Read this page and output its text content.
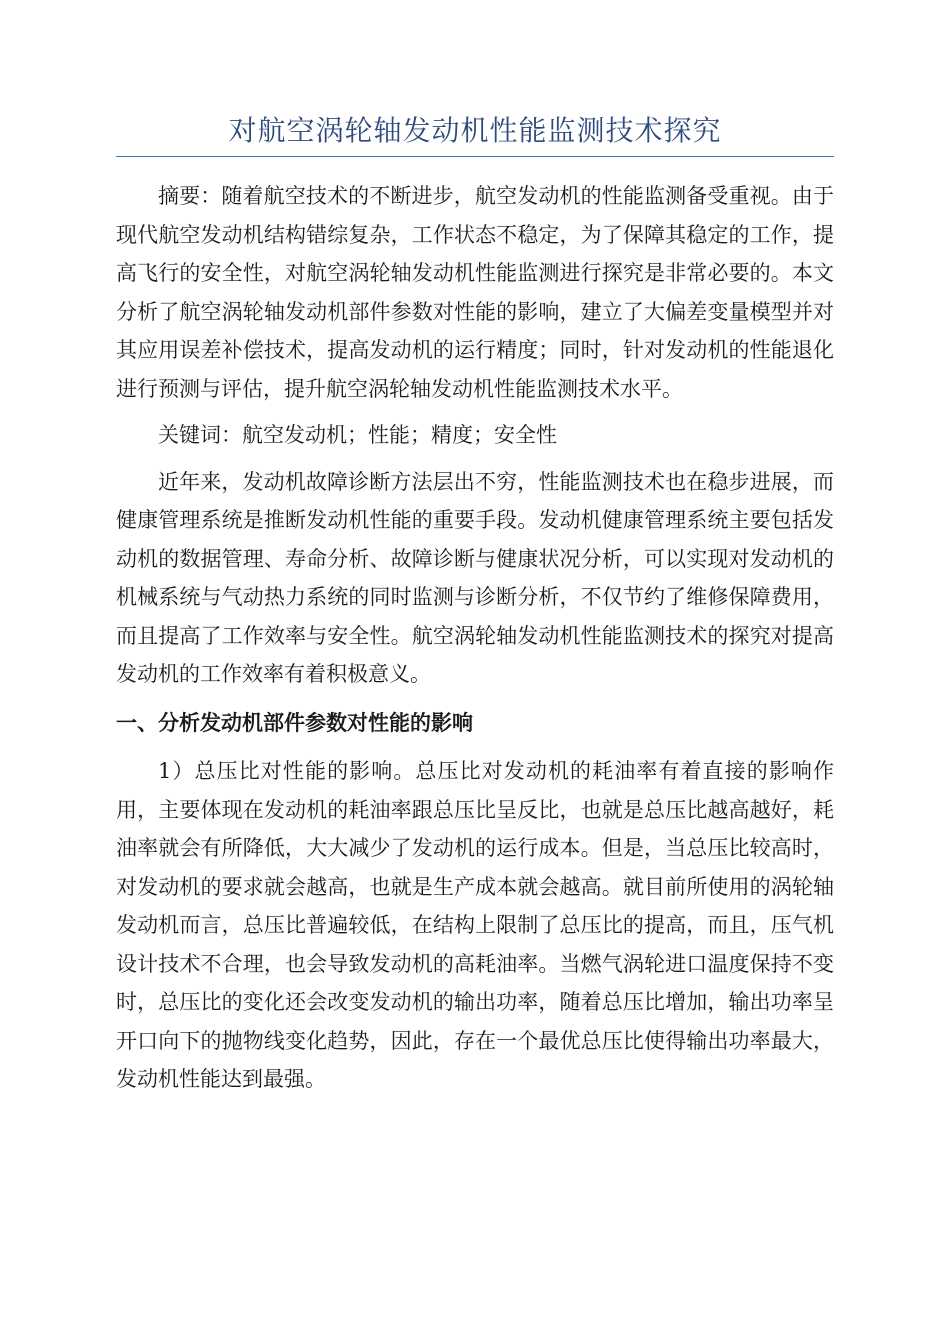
对航空涡轮轴发动机性能监测技术探究

摘要：随着航空技术的不断进步，航空发动机的性能监测备受重视。由于现代航空发动机结构错综复杂，工作状态不稳定，为了保障其稳定的工作，提高飞行的安全性，对航空涡轮轴发动机性能监测进行探究是非常必要的。本文分析了航空涡轮轴发动机部件参数对性能的影响，建立了大偏差变量模型并对其应用误差补偿技术，提高发动机的运行精度；同时，针对发动机的性能退化进行预测与评估，提升航空涡轮轴发动机性能监测技术水平。

关键词：航空发动机；性能；精度；安全性

近年来，发动机故障诊断方法层出不穷，性能监测技术也在稳步进展，而健康管理系统是推断发动机性能的重要手段。发动机健康管理系统主要包括发动机的数据管理、寿命分析、故障诊断与健康状况分析，可以实现对发动机的机械系统与气动热力系统的同时监测与诊断分析，不仅节约了维修保障费用，而且提高了工作效率与安全性。航空涡轮轴发动机性能监测技术的探究对提高发动机的工作效率有着积极意义。

一、分析发动机部件参数对性能的影响

1）总压比对性能的影响。总压比对发动机的耗油率有着直接的影响作用，主要体现在发动机的耗油率跟总压比呈反比，也就是总压比越高越好，耗油率就会有所降低，大大减少了发动机的运行成本。但是，当总压比较高时，对发动机的要求就会越高，也就是生产成本就会越高。就目前所使用的涡轮轴发动机而言，总压比普遍较低，在结构上限制了总压比的提高，而且，压气机设计技术不合理，也会导致发动机的高耗油率。当燃气涡轮进口温度保持不变时，总压比的变化还会改变发动机的输出功率，随着总压比增加，输出功率呈开口向下的抛物线变化趋势，因此，存在一个最优总压比使得输出功率最大，发动机性能达到最强。
